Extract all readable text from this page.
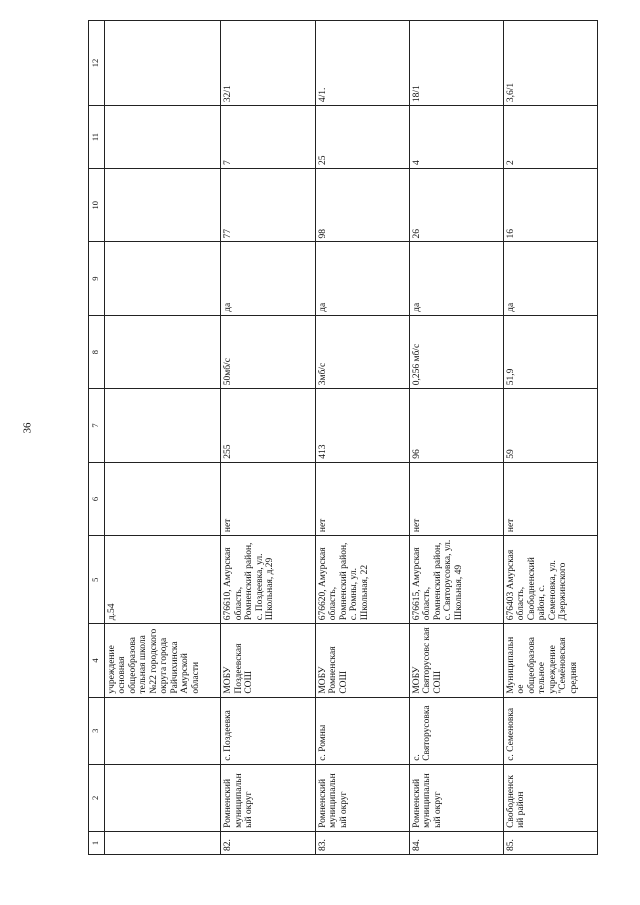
36
1	2	3	4	5	6	7	8	9	10	11	12
			учреждение основная общеобразова тельная школа №22 городского округа города Райчихинска Амурской области	д.54							
82.	Ромненский муниципальн ый округ	с. Поздеевка	МОБУ Поздеевская СОШ	676610, Амурская область, Ромненский район, с. Поздеевка, ул. Школьная, д.29	нет	255	50мб/с	да	77	7	32/1
83.	Ромненский муниципальн ый округ	с. Ромны	МОБУ Ромненская СОШ	676620, Амурская область, Ромненский район, с. Ромны, ул. Школьная, 22	нет	413	3мб/с	да	98	25	4/1.
84.	Ромненский муниципальн ый округ	с. Святорусовка	МОБУ Святорусовс кая СОШ	676615, Амурская область, Ромненский район, с. Святорусовка, ул. Школьная, 49	нет	96	0,256 мб/с	да	26	4	18/1
85.	Свободненск ий район	с. Семеновка	Муниципальн ое общеобразова тельное учреждение "Семёновская средняя	676403 Амурская область, Свободненский район, с. Семеновка, ул. Дзержинского	нет	59	51,9	да	16	2	3,6/1
